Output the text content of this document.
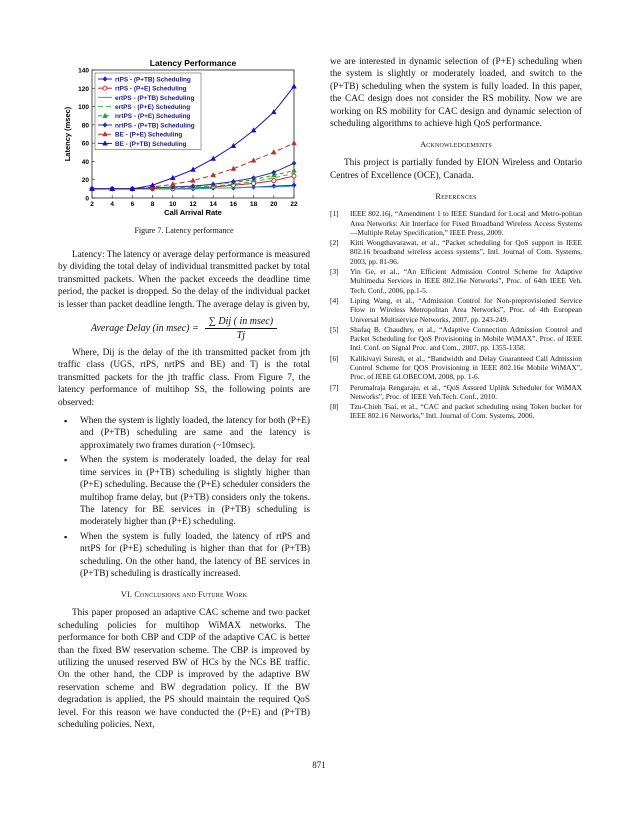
Latency Performance
0
20
40
60
80
100
120
140
2	4	6	8 10 12 14 16 18 20 22
Call Arrival Rate
Latency (msec)
rtPS - (P+TB) Scheduling
rtPS - (P+E) Scheduling
ertPS - (P+TB) Scheduling
ertPS - (P+E) Scheduling
nrtPS - (P+E) Scheduling
nrtPS - (P+TB) Scheduling
BE - (P+E) Scheduling
BE - (P+TB) Scheduling
Figure 7. Latency performance

Latency: The latency or average delay performance is measured by dividing the total delay of individual transmitted packet by total transmitted packets. When the packet exceeds the deadline time period, the packet is dropped. So the delay of the individual packet is lesser than packet deadline length. The average delay is given by,

Average Delay (in $msec) = \frac{\text{∑ Dij ( in msec)}}{Tj}$

Where, Dij is the delay of the ith transmitted packet from jth traffic class (UGS, rtPS, nrtPS and BE) and Tj is the total transmitted packets for the jth traffic class. From Figure 7, the latency performance of multihop SS, the following points are observed:

▪ When the system is lightly loaded, the latency for both (P+E) and (P+TB) scheduling are same and the latency is approximately two frames duration (~10msec).
▪ When the system is moderately loaded, the delay for real time services in (P+TB) scheduling is slightly higher than (P+E) scheduling. Because the (P+E) scheduler considers the multihop frame delay, but (P+TB) considers only the tokens. The latency for BE services in (P+TB) scheduling is moderately higher than (P+E) scheduling.
▪ When the system is fully loaded, the latency of rtPS and nrtPS for (P+E) scheduling is higher than that for (P+TB) scheduling. On the other hand, the latency of BE services in (P+TB) scheduling is drastically increased.
VI. Conclusions and Future Work

This paper proposed an adaptive CAC scheme and two packet scheduling policies for multihop WiMAX networks. The performance for both CBP and CDP of the adaptive CAC is better than the fixed BW reservation scheme. The CBP is improved by utilizing the unused reserved BW of HCs by the NCs BE traffic. On the other hand, the CDP is improved by the adaptive BW reservation scheme and BW degradation policy. If the BW degradation is applied, the PS should maintain the required QoS level. For this reason we have conducted the (P+E) and (P+TB) scheduling policies. Next,

we are interested in dynamic selection of (P+E) scheduling when the system is slightly or moderately loaded, and switch to the (P+TB) scheduling when the system is fully loaded. In this paper, the CAC design does not consider the RS mobility. Now we are working on RS mobility for CAC design and dynamic selection of scheduling algorithms to achieve high QoS performance.

Acknowledgements

This project is partially funded by EION Wireless and Ontario Centres of Excellence (OCE), Canada.

References
[1]	IEEE 802.16j, “Amendment 1 to IEEE Standard for Local and Metro-politan Area Networks: Air Interface for Fixed Broadband Wireless Access Systems —Multiple Relay Specification,” IEEE Press, 2009.
[2]	Kitti Wongthavarawat, et al., “Packet scheduling for QoS support in IEEE 802.16 broadband wireless access systems”, Intl. Journal of Com. Systems, 2003, pp. 81-96.
[3]	Yin Ge, et al., “An Efficient Admission Control Scheme for Adaptive Multimedia Services in IEEE 802.16e Networks”, Proc. of 64th IEEE Veh. Tech. Conf., 2006, pp.1-5.
[4]	Liping Wang, et al., “Admission Control for Non-preprovisioned Service Flow in Wireless Metropolitan Area Networks”, Proc. of 4th European Universal Multiservice Networks, 2007, pp. 243-249.
[5]	Shafaq B. Chaudhry, et al., “Adaptive Connection Admission Control and Packet Scheduling for QoS Provisioning in Mobile WiMAX”, Proc. of IEEE Intl. Conf. on Signal Proc. and Com., 2007, pp. 1355-1358.
[6]	Kalikivayi Suresh, et al., “Bandwidth and Delay Guaranteed Call Admission Control Scheme for QOS Provisioning in IEEE 802.16e Mobile WiMAX”, Proc. of IEEE GLOBECOM, 2008, pp. 1-6.
[7]	Perumalraja Rengaraju, et al., “QoS Assured Uplink Scheduler for WiMAX Networks”, Proc. of IEEE Veh.Tech. Conf., 2010.
[8]	Tzu-Chieh Tsai, et al., “CAC and packet scheduling using Token bucket for IEEE 802.16 Networks,” Intl. Journal of Com. Systems, 2006.
871
